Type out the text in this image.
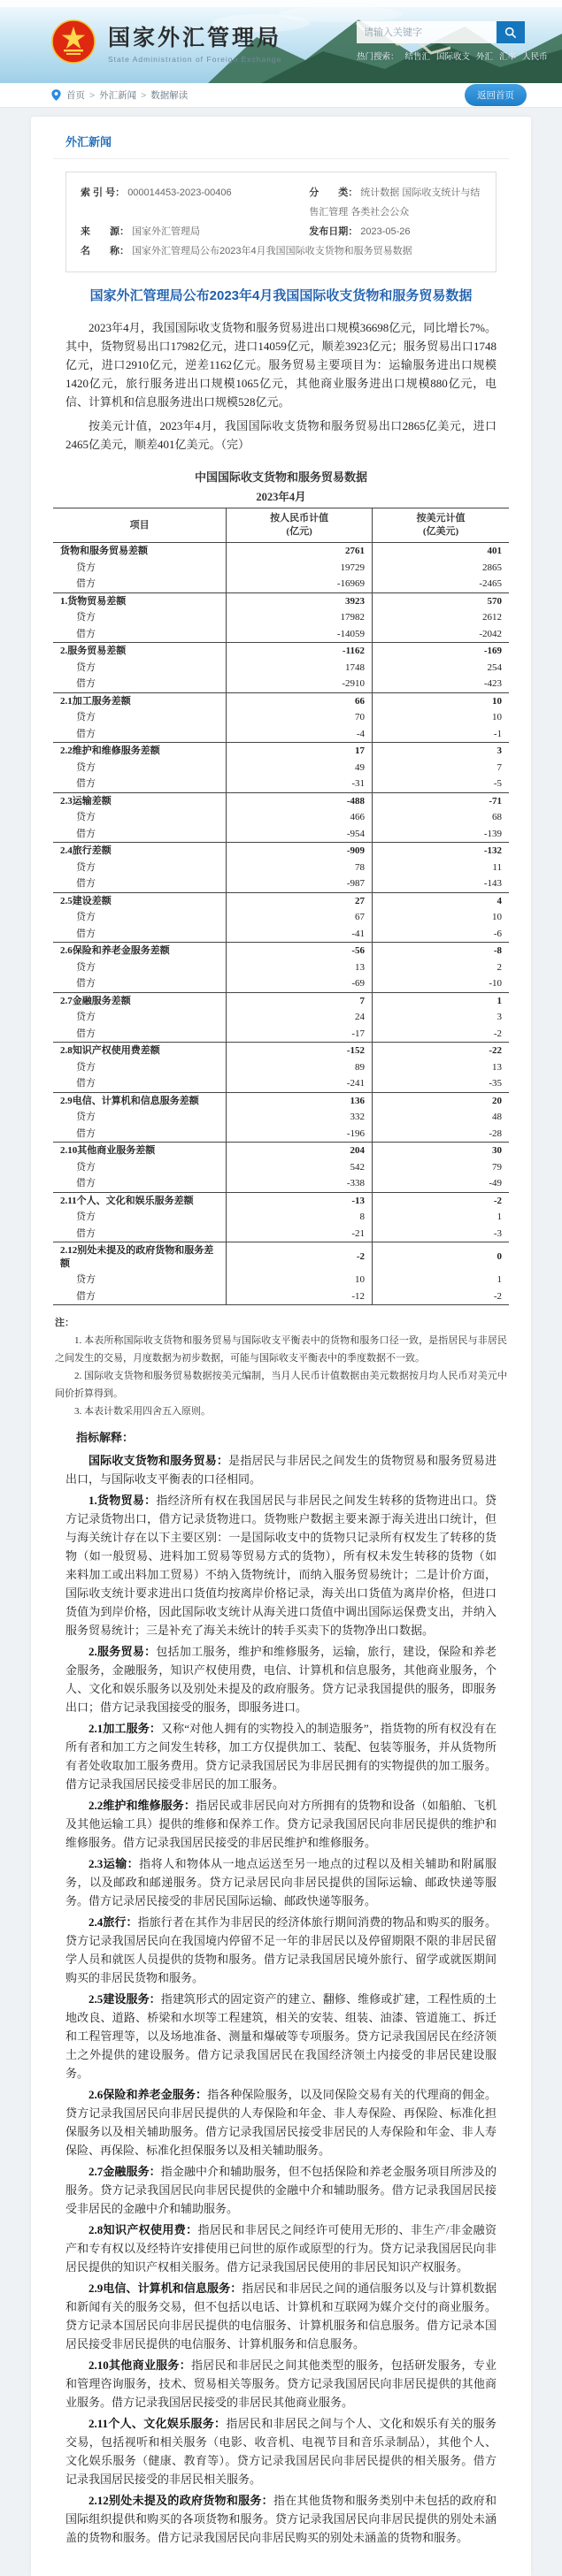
国家外汇管理局
State Administration of Foreign Exchange
请输入关键字	热门搜索： 结售汇 国际收支 外汇 汇率 人民币
首页 > 外汇新闻 > 数据解读	返回首页
外汇新闻
索 引 号： 000014453-2023-00406	分　　类： 统计数据 国际收支统计与结售汇管理 各类社会公众
来　　源： 国家外汇管理局	发布日期： 2023-05-26
名　　称： 国家外汇管理局公布2023年4月我国国际收支货物和服务贸易数据
国家外汇管理局公布2023年4月我国国际收支货物和服务贸易数据

2023年4月，我国国际收支货物和服务贸易进出口规模36698亿元，同比增长7%。其中，货物贸易出口17982亿元，进口14059亿元，顺差3923亿元；服务贸易出口1748亿元，进口2910亿元，逆差1162亿元。服务贸易主要项目为：运输服务进出口规模1420亿元，旅行服务进出口规模1065亿元，其他商业服务进出口规模880亿元，电信、计算机和信息服务进出口规模528亿元。

按美元计值，2023年4月，我国国际收支货物和服务贸易出口2865亿美元，进口2465亿美元，顺差401亿美元。（完）

中国国际收支货物和服务贸易数据
2023年4月
项目	
按人民币计值
(亿元)

按美元计值
(亿美元)

货物和服务贸易差额	2761	401
贷方	19729	2865
借方	-16969	-2465
1.货物贸易差额	3923	570
贷方	17982	2612
借方	-14059	-2042
2.服务贸易差额	-1162	-169
贷方	1748	254
借方	-2910	-423
2.1加工服务差额	66	10
贷方	70	10
借方	-4	-1
2.2维护和维修服务差额	17	3
贷方	49	7
借方	-31	-5
2.3运输差额	-488	-71
贷方	466	68
借方	-954	-139
2.4旅行差额	-909	-132
贷方	78	11
借方	-987	-143
2.5建设差额	27	4
贷方	67	10
借方	-41	-6
2.6保险和养老金服务差额	-56	-8
贷方	13	2
借方	-69	-10
2.7金融服务差额	7	1
贷方	24	3
借方	-17	-2
2.8知识产权使用费差额	-152	-22
贷方	89	13
借方	-241	-35
2.9电信、计算机和信息服务差额	136	20
贷方	332	48
借方	-196	-28
2.10其他商业服务差额	204	30
贷方	542	79
借方	-338	-49
2.11个人、文化和娱乐服务差额	-13	-2
贷方	8	1
借方	-21	-3
2.12别处未提及的政府货物和服务差额	-2	0
贷方	10	1
借方	-12	-2
注：

1. 本表所称国际收支货物和服务贸易与国际收支平衡表中的货物和服务口径一致，是指居民与非居民之间发生的交易，月度数据为初步数据，可能与国际收支平衡表中的季度数据不一致。

2. 国际收支货物和服务贸易数据按美元编制，当月人民币计值数据由美元数据按月均人民币对美元中间价折算得到。

3. 本表计数采用四舍五入原则。

指标解释：

国际收支货物和服务贸易：是指居民与非居民之间发生的货物贸易和服务贸易进出口，与国际收支平衡表的口径相同。

1.货物贸易：指经济所有权在我国居民与非居民之间发生转移的货物进出口。贷方记录货物出口，借方记录货物进口。货物账户数据主要来源于海关进出口统计，但与海关统计存在以下主要区别：一是国际收支中的货物只记录所有权发生了转移的货物（如一般贸易、进料加工贸易等贸易方式的货物），所有权未发生转移的货物（如来料加工或出料加工贸易）不纳入货物统计，而纳入服务贸易统计；二是计价方面，国际收支统计要求进出口货值均按离岸价格记录，海关出口货值为离岸价格，但进口货值为到岸价格，因此国际收支统计从海关进口货值中调出国际运保费支出，并纳入服务贸易统计；三是补充了海关未统计的转手买卖下的货物净出口数据。

2.服务贸易：包括加工服务，维护和维修服务，运输，旅行，建设，保险和养老金服务，金融服务，知识产权使用费，电信、计算机和信息服务，其他商业服务，个人、文化和娱乐服务以及别处未提及的政府服务。贷方记录我国提供的服务，即服务出口；借方记录我国接受的服务，即服务进口。

2.1加工服务：又称“对他人拥有的实物投入的制造服务”，指货物的所有权没有在所有者和加工方之间发生转移，加工方仅提供加工、装配、包装等服务，并从货物所有者处收取加工服务费用。贷方记录我国居民为非居民拥有的实物提供的加工服务。借方记录我国居民接受非居民的加工服务。

2.2维护和维修服务：指居民或非居民向对方所拥有的货物和设备（如船舶、飞机及其他运输工具）提供的维修和保养工作。贷方记录我国居民向非居民提供的维护和维修服务。借方记录我国居民接受的非居民维护和维修服务。

2.3运输：指将人和物体从一地点运送至另一地点的过程以及相关辅助和附属服务，以及邮政和邮递服务。贷方记录居民向非居民提供的国际运输、邮政快递等服务。借方记录居民接受的非居民国际运输、邮政快递等服务。

2.4旅行：指旅行者在其作为非居民的经济体旅行期间消费的物品和购买的服务。贷方记录我国居民向在我国境内停留不足一年的非居民以及停留期限不限的非居民留学人员和就医人员提供的货物和服务。借方记录我国居民境外旅行、留学或就医期间购买的非居民货物和服务。

2.5建设服务：指建筑形式的固定资产的建立、翻修、维修或扩建，工程性质的土地改良、道路、桥梁和水坝等工程建筑，相关的安装、组装、油漆、管道施工、拆迁和工程管理等，以及场地准备、测量和爆破等专项服务。贷方记录我国居民在经济领土之外提供的建设服务。借方记录我国居民在我国经济领土内接受的非居民建设服务。

2.6保险和养老金服务：指各种保险服务，以及同保险交易有关的代理商的佣金。贷方记录我国居民向非居民提供的人寿保险和年金、非人寿保险、再保险、标准化担保服务以及相关辅助服务。借方记录我国居民接受非居民的人寿保险和年金、非人寿保险、再保险、标准化担保服务以及相关辅助服务。

2.7金融服务：指金融中介和辅助服务，但不包括保险和养老金服务项目所涉及的服务。贷方记录我国居民向非居民提供的金融中介和辅助服务。借方记录我国居民接受非居民的金融中介和辅助服务。

2.8知识产权使用费：指居民和非居民之间经许可使用无形的、非生产/非金融资产和专有权以及经特许安排使用已问世的原作或原型的行为。贷方记录我国居民向非居民提供的知识产权相关服务。借方记录我国居民使用的非居民知识产权服务。

2.9电信、计算机和信息服务：指居民和非居民之间的通信服务以及与计算机数据和新闻有关的服务交易，但不包括以电话、计算机和互联网为媒介交付的商业服务。贷方记录本国居民向非居民提供的电信服务、计算机服务和信息服务。借方记录本国居民接受非居民提供的电信服务、计算机服务和信息服务。

2.10其他商业服务：指居民和非居民之间其他类型的服务，包括研发服务，专业和管理咨询服务，技术、贸易相关等服务。贷方记录我国居民向非居民提供的其他商业服务。借方记录我国居民接受的非居民其他商业服务。

2.11个人、文化娱乐服务：指居民和非居民之间与个人、文化和娱乐有关的服务交易，包括视听和相关服务（电影、收音机、电视节目和音乐录制品），其他个人、文化娱乐服务（健康、教育等）。贷方记录我国居民向非居民提供的相关服务。借方记录我国居民接受的非居民相关服务。

2.12别处未提及的政府货物和服务：指在其他货物和服务类别中未包括的政府和国际组织提供和购买的各项货物和服务。贷方记录我国居民向非居民提供的别处未涵盖的货物和服务。借方记录我国居民向非居民购买的别处未涵盖的货物和服务。
